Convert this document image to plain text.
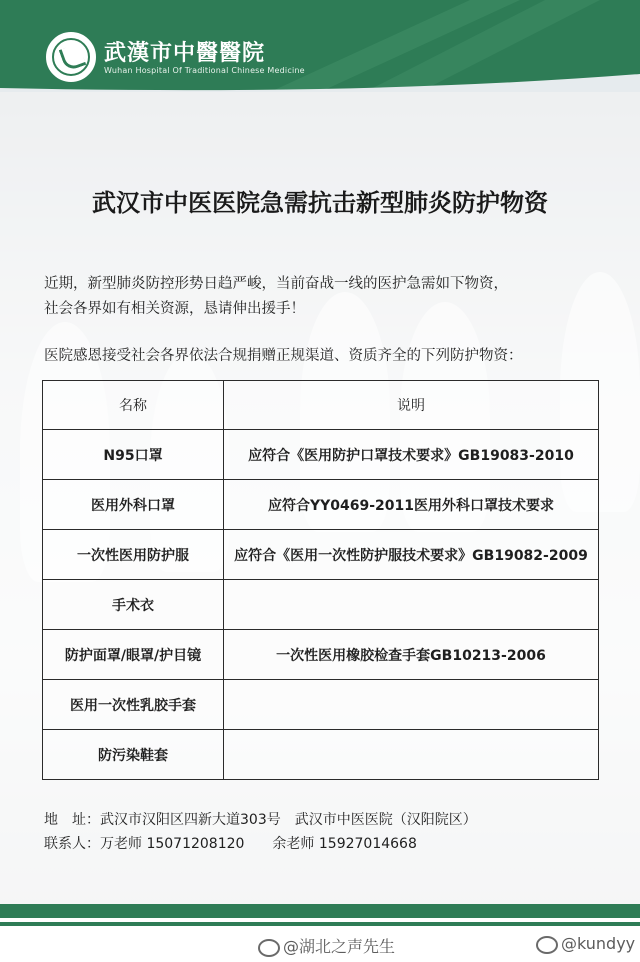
武漢市中醫醫院
Wuhan Hospital Of Traditional Chinese Medicine
武汉市中医医院急需抗击新型肺炎防护物资
近期，新型肺炎防控形势日趋严峻，当前奋战一线的医护急需如下物资，
社会各界如有相关资源，恳请伸出援手！
医院感恩接受社会各界依法合规捐赠正规渠道、资质齐全的下列防护物资：
名称	说明
N95口罩	应符合《医用防护口罩技术要求》GB19083-2010
医用外科口罩	应符合YY0469-2011医用外科口罩技术要求
一次性医用防护服	应符合《医用一次性防护服技术要求》GB19082-2009
手术衣	
防护面罩/眼罩/护目镜	一次性医用橡胶检查手套GB10213-2006
医用一次性乳胶手套	
防污染鞋套	
地　址：武汉市汉阳区四新大道303号　武汉市中医医院（汉阳院区）
联系人：万老师 15071208120　　余老师 15927014668
@湖北之声先生	@kundyy
